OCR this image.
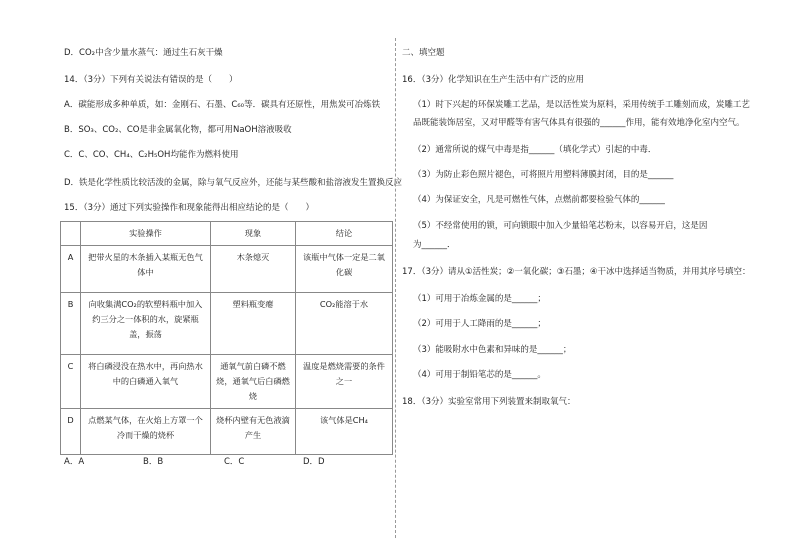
D．CO₂中含少量水蒸气：通过生石灰干燥
14．（3分）下列有关说法有错误的是（　　）
A．碳能形成多种单质，如：金刚石、石墨、C₆₀等．碳具有还原性，用焦炭可冶炼铁
B．SO₃、CO₂、CO是非金属氧化物，都可用NaOH溶液吸收
C．C、CO、CH₄、C₂H₅OH均能作为燃料使用
D．铁是化学性质比较活泼的金属，除与氧气反应外，还能与某些酸和盐溶液发生置换反应
15．（3分）通过下列实验操作和现象能得出相应结论的是（　　）
	实验操作	现象	结论
A	把带火星的木条插入某瓶无色气体中	木条熄灭	该瓶中气体一定是二氧化碳
B	向收集满CO₂的软塑料瓶中加入约三分之一体积的水，旋紧瓶盖，振荡	塑料瓶变瘪	CO₂能溶于水
C	将白磷浸没在热水中，再向热水中的白磷通入氧气	通氧气前白磷不燃烧，通氧气后白磷燃烧	温度是燃烧需要的条件之一
D	点燃某气体，在火焰上方罩一个冷而干燥的烧杯	烧杯内壁有无色液滴产生	该气体是CH₄
A．A	B．B	C．C	D．D
二、填空题
16．（3分）化学知识在生产生活中有广泛的应用
（1）时下兴起的环保炭雕工艺品，是以活性炭为原料，采用传统手工雕刻而成，炭雕工艺
品既能装饰居室，又对甲醛等有害气体具有很强的______作用，能有效地净化室内空气。
（2）通常所说的煤气中毒是指______（填化学式）引起的中毒．
（3）为防止彩色照片褪色，可将照片用塑料薄膜封闭，目的是______
（4）为保证安全，凡是可燃性气体，点燃前都要检验气体的______
（5）不经常使用的锁，可向锁眼中加入少量铅笔芯粉末，以容易开启，这是因
为______．
17．（3分）请从①活性炭；②一氧化碳；③石墨；④干冰中选择适当物质，并用其序号填空：
（1）可用于冶炼金属的是______；
（2）可用于人工降雨的是______；
（3）能吸附水中色素和异味的是______；
（4）可用于制铅笔芯的是______。
18．（3分）实验室常用下列装置来制取氧气：
